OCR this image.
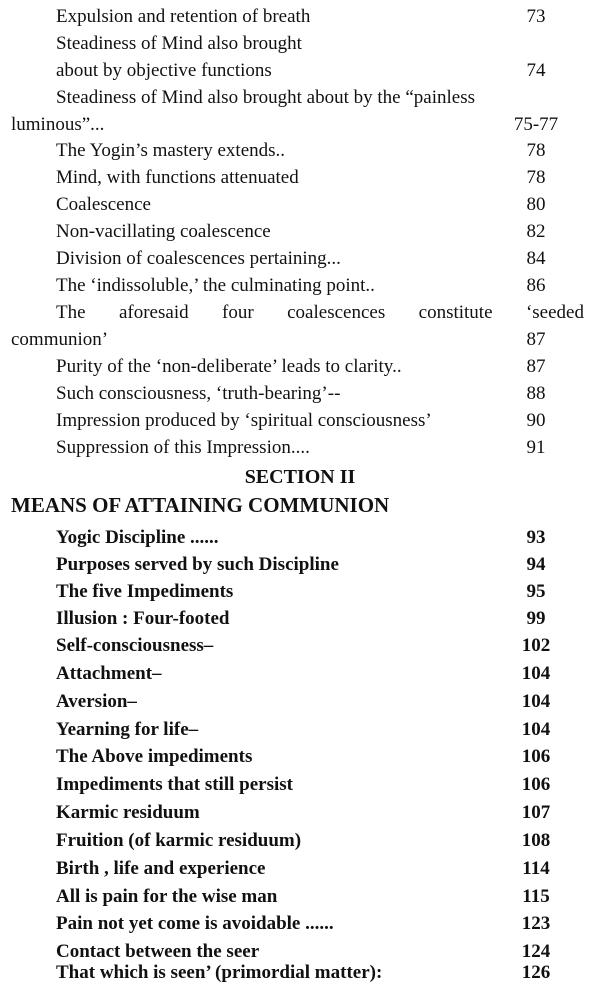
Expulsion and retention of breath	73
Steadiness of Mind also brought
about by objective functions	74
Steadiness of Mind also brought about by the “painless
luminous”...	75-77
The Yogin’s mastery extends..	78
Mind, with functions attenuated	78
Coalescence	80
Non-vacillating coalescence	82
Division of coalescences pertaining...	84
The ‘indissoluble,’ the culminating point..	86
The aforesaid four coalescences constitute ‘seeded
communion’	87
Purity of the ‘non-deliberate’ leads to clarity..	87
Such consciousness, ‘truth-bearing’--	88
Impression produced by ‘spiritual consciousness’	90
Suppression of this Impression....	91
SECTION II
MEANS OF ATTAINING COMMUNION
Yogic Discipline ......	93
Purposes served by such Discipline	94
The five Impediments	95
Illusion : Four-footed	99
Self-consciousness–	102
Attachment–	104
Aversion–	104
Yearning for life–	104
The Above impediments	106
Impediments that still persist	106
Karmic residuum	107
Fruition (of karmic residuum)	108
Birth , life and experience	114
All is pain for the wise man	115
Pain not yet come is avoidable ......	123
Contact between the seer	124
That which is seen’ (primordial matter):	126
